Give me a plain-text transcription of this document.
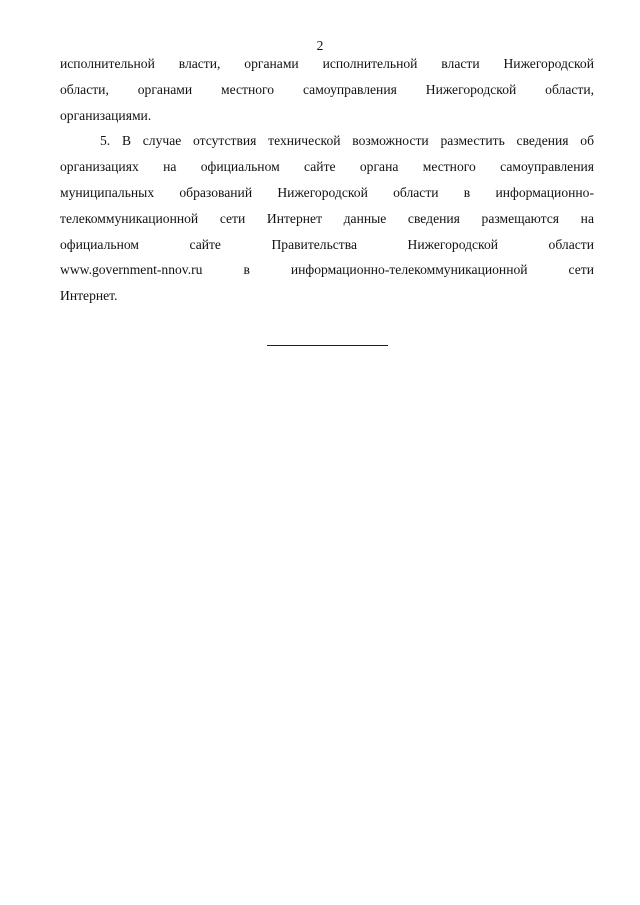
2
исполнительной власти, органами исполнительной власти Нижегородской
области, органами местного самоуправления Нижегородской области,
организациями.
5. В случае отсутствия технической возможности разместить сведения об
организациях на официальном сайте органа местного самоуправления
муниципальных образований Нижегородской области в информационно-
телекоммуникационной сети Интернет данные сведения размещаются на
официальном сайте Правительства Нижегородской области
www.government-nnov.ru в информационно-телекоммуникационной сети
Интернет.
